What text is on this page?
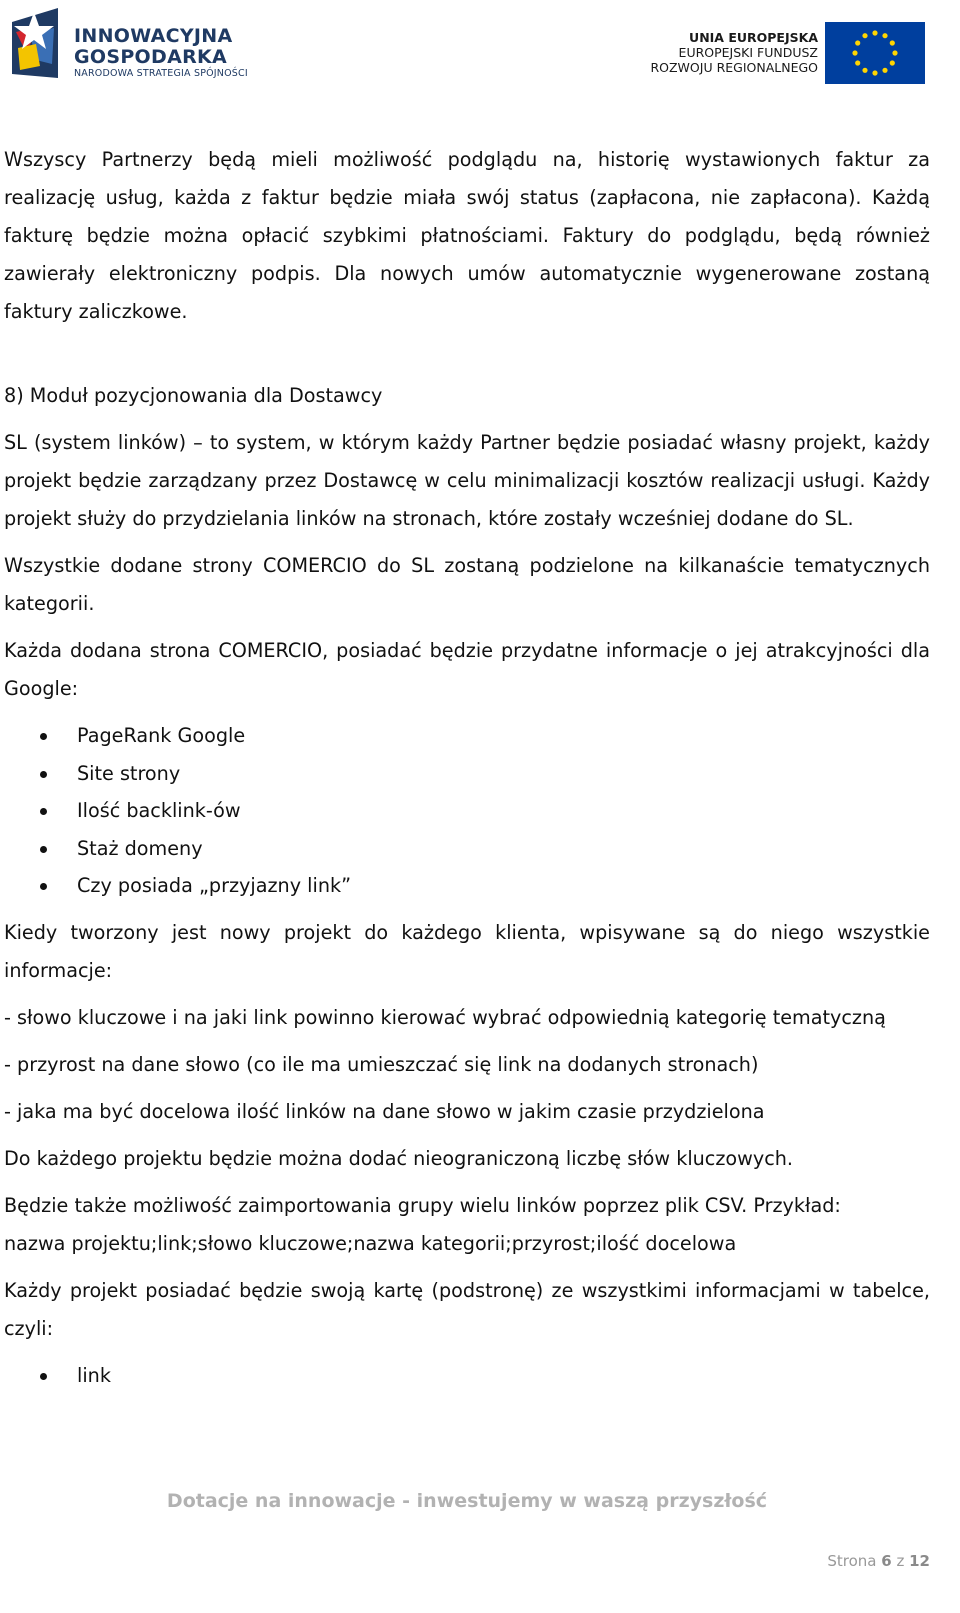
INNOWACYJNA
GOSPODARKA
NARODOWA STRATEGIA SPÓJNOŚCI
UNIA EUROPEJSKA
EUROPEJSKI FUNDUSZ
ROZWOJU REGIONALNEGO

Wszyscy Partnerzy będą mieli możliwość podglądu na, historię wystawionych faktur za realizację usług, każda z faktur będzie miała swój status (zapłacona, nie zapłacona). Każdą fakturę będzie można opłacić szybkimi płatnościami. Faktury do podglądu, będą również zawierały elektroniczny podpis. Dla nowych umów automatycznie wygenerowane zostaną faktury zaliczkowe.

8) Moduł pozycjonowania dla Dostawcy

SL (system linków) – to system, w którym każdy Partner będzie posiadać własny projekt, każdy projekt będzie zarządzany przez Dostawcę w celu minimalizacji kosztów realizacji usługi. Każdy projekt służy do przydzielania linków na stronach, które zostały wcześniej dodane do SL.

Wszystkie dodane strony COMERCIO do SL zostaną podzielone na kilkanaście tematycznych kategorii.

Każda dodana strona COMERCIO, posiadać będzie przydatne informacje o jej atrakcyjności dla Google:

PageRank Google
Site strony
Ilość backlink-ów
Staż domeny
Czy posiada „przyjazny link”

Kiedy tworzony jest nowy projekt do każdego klienta, wpisywane są do niego wszystkie informacje:

- słowo kluczowe i na jaki link powinno kierować wybrać odpowiednią kategorię tematyczną

- przyrost na dane słowo (co ile ma umieszczać się link na dodanych stronach)

- jaka ma być docelowa ilość linków na dane słowo w jakim czasie przydzielona

Do każdego projektu będzie można dodać nieograniczoną liczbę słów kluczowych.

Będzie także możliwość zaimportowania grupy wielu linków poprzez plik CSV. Przykład:
nazwa projektu;link;słowo kluczowe;nazwa kategorii;przyrost;ilość docelowa

Każdy projekt posiadać będzie swoją kartę (podstronę) ze wszystkimi informacjami w tabelce, czyli:

link
Dotacje na innowacje - inwestujemy w waszą przyszłość
Strona 6 z 12
